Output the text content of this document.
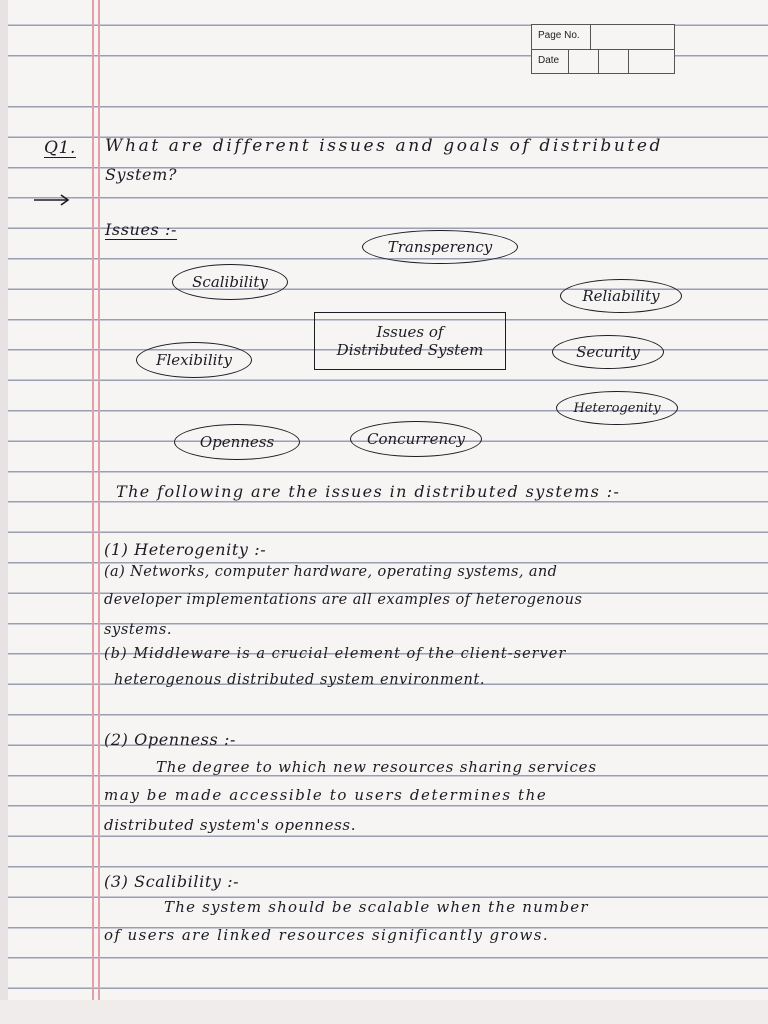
Page No.
Date
Q1. What are different issues and goals of distributed
System?
Issues :-
Transperency
Scalibility
Reliability
Issues of
Distributed System
Flexibility	Security
Heterogenity
Openness	Concurrency
The following are the issues in distributed systems :-
(1) Heterogenity :-
(a) Networks, computer hardware, operating systems, and
developer implementations are all examples of heterogenous
systems.
(b) Middleware is a crucial element of the client-server
heterogenous distributed system environment.
(2) Openness :-
The degree to which new resources sharing services
may be made accessible to users determines the
distributed system's openness.
(3) Scalibility :-
The system should be scalable when the number
of users are linked resources significantly grows.
